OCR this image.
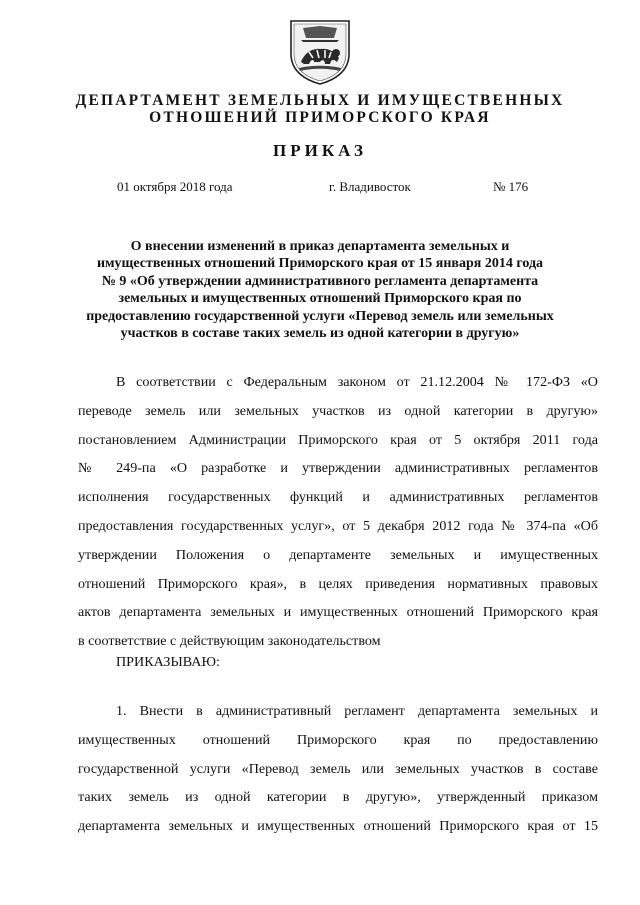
ДЕПАРТАМЕНТ ЗЕМЕЛЬНЫХ И ИМУЩЕСТВЕННЫХ
ОТНОШЕНИЙ ПРИМОРСКОГО КРАЯ
ПРИКАЗ
01 октября 2018 года	г. Владивосток	№ 176
О внесении изменений в приказ департамента земельных и
имущественных отношений Приморского края от 15 января 2014 года
№ 9 «Об утверждении административного регламента департамента
земельных и имущественных отношений Приморского края по
предоставлению государственной услуги «Перевод земель или земельных
участков в составе таких земель из одной категории в другую»
В соответствии с Федеральным законом от 21.12.2004 № 172-ФЗ «О
переводе земель или земельных участков из одной категории в другую»
постановлением Администрации Приморского края от 5 октября 2011 года
№ 249-па «О разработке и утверждении административных регламентов
исполнения государственных функций и административных регламентов
предоставления государственных услуг», от 5 декабря 2012 года № 374-па «Об
утверждении Положения о департаменте земельных и имущественных
отношений Приморского края», в целях приведения нормативных правовых
актов департамента земельных и имущественных отношений Приморского края
в соответствие с действующим законодательством
ПРИКАЗЫВАЮ:
1. Внести в административный регламент департамента земельных и
имущественных отношений Приморского края по предоставлению
государственной услуги «Перевод земель или земельных участков в составе
таких земель из одной категории в другую», утвержденный приказом
департамента земельных и имущественных отношений Приморского края от 15
